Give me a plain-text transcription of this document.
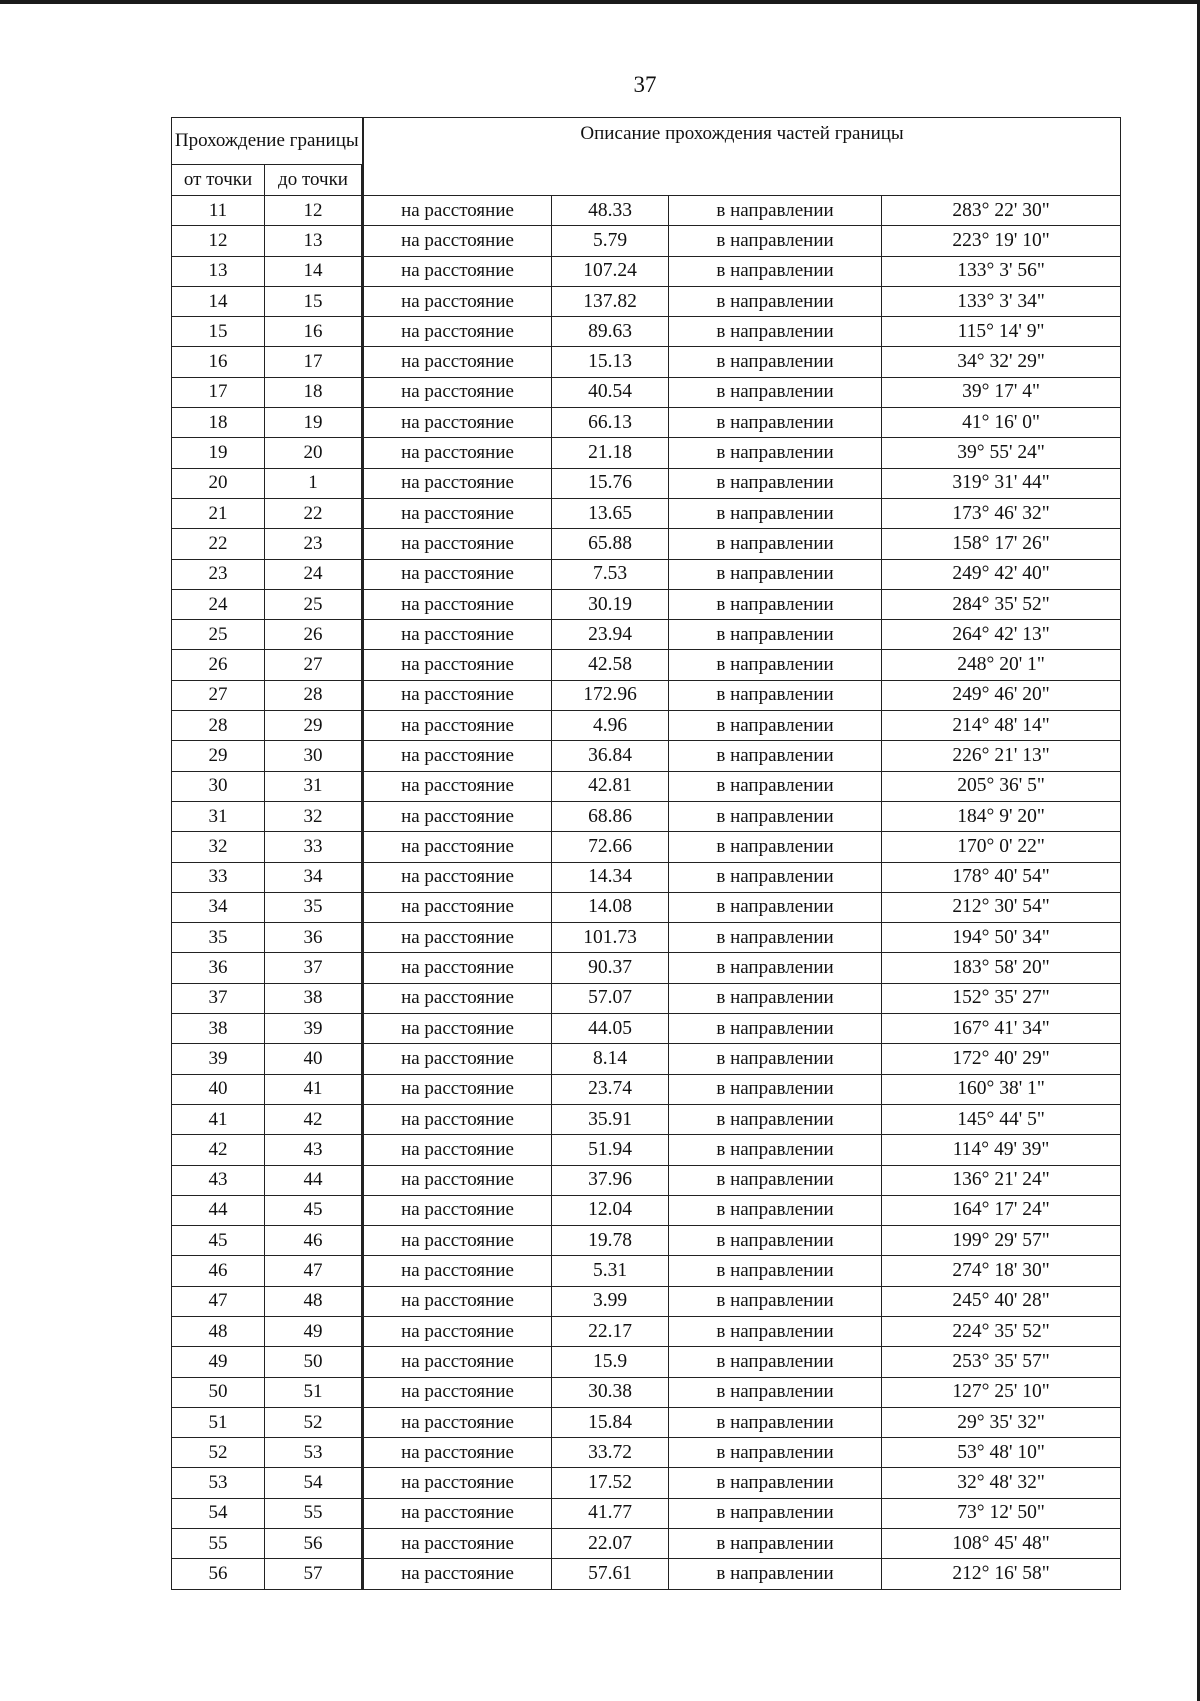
37
Прохождение границы		Описание прохождения частей границы			
от точки	до точки				
11	12	на расстояние	48.33	в направлении	283° 22' 30"
12	13	на расстояние	5.79	в направлении	223° 19' 10"
13	14	на расстояние	107.24	в направлении	133° 3' 56"
14	15	на расстояние	137.82	в направлении	133° 3' 34"
15	16	на расстояние	89.63	в направлении	115° 14' 9"
16	17	на расстояние	15.13	в направлении	34° 32' 29"
17	18	на расстояние	40.54	в направлении	39° 17' 4"
18	19	на расстояние	66.13	в направлении	41° 16' 0"
19	20	на расстояние	21.18	в направлении	39° 55' 24"
20	1	на расстояние	15.76	в направлении	319° 31' 44"
21	22	на расстояние	13.65	в направлении	173° 46' 32"
22	23	на расстояние	65.88	в направлении	158° 17' 26"
23	24	на расстояние	7.53	в направлении	249° 42' 40"
24	25	на расстояние	30.19	в направлении	284° 35' 52"
25	26	на расстояние	23.94	в направлении	264° 42' 13"
26	27	на расстояние	42.58	в направлении	248° 20' 1"
27	28	на расстояние	172.96	в направлении	249° 46' 20"
28	29	на расстояние	4.96	в направлении	214° 48' 14"
29	30	на расстояние	36.84	в направлении	226° 21' 13"
30	31	на расстояние	42.81	в направлении	205° 36' 5"
31	32	на расстояние	68.86	в направлении	184° 9' 20"
32	33	на расстояние	72.66	в направлении	170° 0' 22"
33	34	на расстояние	14.34	в направлении	178° 40' 54"
34	35	на расстояние	14.08	в направлении	212° 30' 54"
35	36	на расстояние	101.73	в направлении	194° 50' 34"
36	37	на расстояние	90.37	в направлении	183° 58' 20"
37	38	на расстояние	57.07	в направлении	152° 35' 27"
38	39	на расстояние	44.05	в направлении	167° 41' 34"
39	40	на расстояние	8.14	в направлении	172° 40' 29"
40	41	на расстояние	23.74	в направлении	160° 38' 1"
41	42	на расстояние	35.91	в направлении	145° 44' 5"
42	43	на расстояние	51.94	в направлении	114° 49' 39"
43	44	на расстояние	37.96	в направлении	136° 21' 24"
44	45	на расстояние	12.04	в направлении	164° 17' 24"
45	46	на расстояние	19.78	в направлении	199° 29' 57"
46	47	на расстояние	5.31	в направлении	274° 18' 30"
47	48	на расстояние	3.99	в направлении	245° 40' 28"
48	49	на расстояние	22.17	в направлении	224° 35' 52"
49	50	на расстояние	15.9	в направлении	253° 35' 57"
50	51	на расстояние	30.38	в направлении	127° 25' 10"
51	52	на расстояние	15.84	в направлении	29° 35' 32"
52	53	на расстояние	33.72	в направлении	53° 48' 10"
53	54	на расстояние	17.52	в направлении	32° 48' 32"
54	55	на расстояние	41.77	в направлении	73° 12' 50"
55	56	на расстояние	22.07	в направлении	108° 45' 48"
56	57	на расстояние	57.61	в направлении	212° 16' 58"
